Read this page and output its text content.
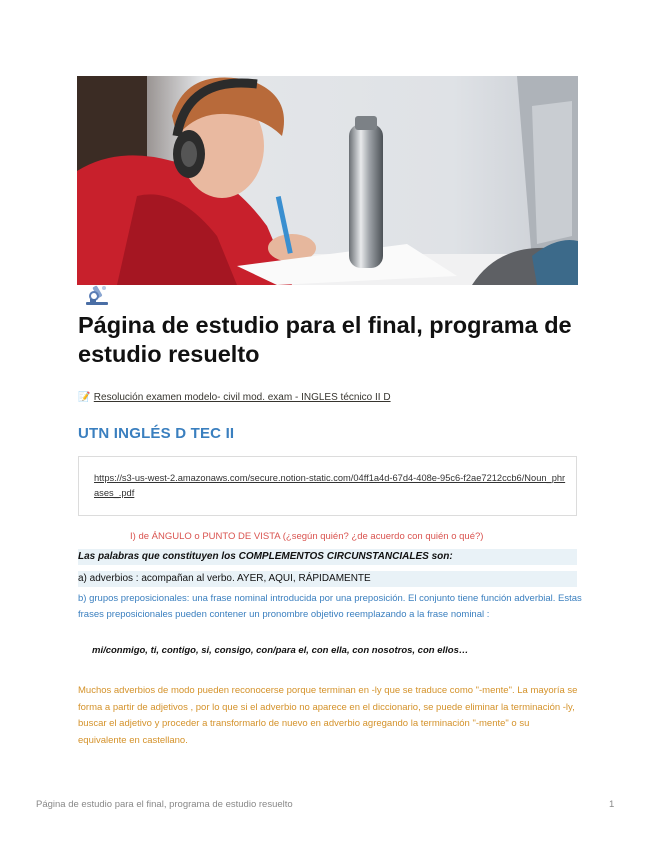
Página de estudio para el final, programa de estudio resuelto
📝 Resolución examen modelo- civil mod. exam - INGLES técnico II D
UTN INGLÉS D TEC II
https://s3-us-west-2.amazonaws.com/secure.notion-static.com/04ff1a4d-67d4-408e-95c6-f2ae7212ccb6/Noun_phrases_.pdf
I) de ÁNGULO o PUNTO DE VISTA (¿según quién? ¿de acuerdo con quién o qué?)
Las palabras que constituyen los COMPLEMENTOS CIRCUNSTANCIALES son:
a) adverbios : acompañan al verbo. AYER, AQUI, RÁPIDAMENTE
b) grupos preposicionales: una frase nominal introducida por una preposición. El conjunto tiene función adverbial. Estas frases preposicionales pueden contener un pronombre objetivo reemplazando a la frase nominal :
mi/conmigo, ti, contigo, si, consigo, con/para el, con ella, con nosotros, con ellos…
Muchos adverbios de modo pueden reconocerse porque terminan en -ly que se traduce como "-mente". La mayoría se forma a partir de adjetivos , por lo que si el adverbio no aparece en el diccionario, se puede eliminar la terminación -ly, buscar el adjetivo y proceder a transformarlo de nuevo en adverbio agregando la terminación "-mente" o su equivalente en castellano.
Página de estudio para el final, programa de estudio resuelto	1
